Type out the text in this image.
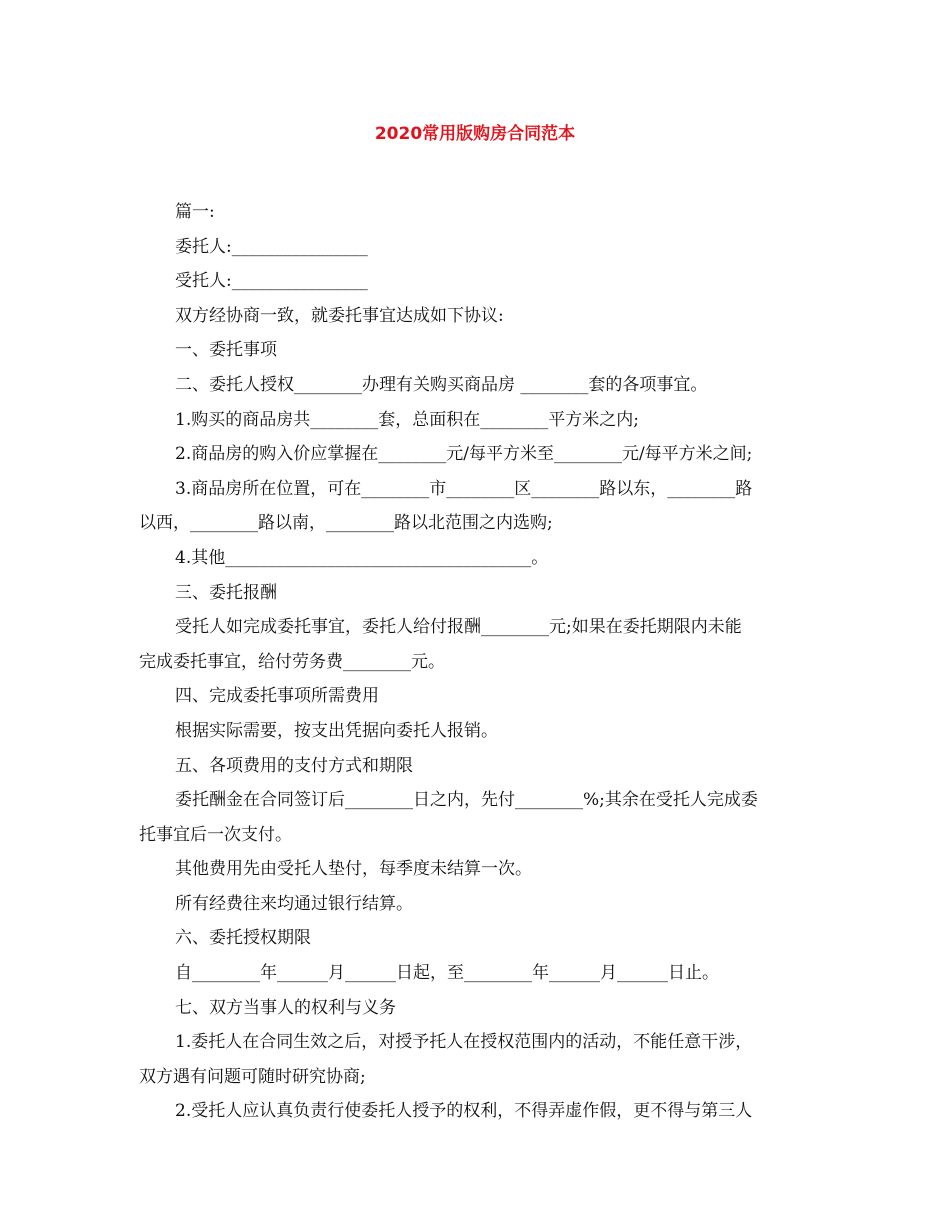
2020常用版购房合同范本
篇一:
委托人:________________
受托人:________________
双方经协商一致，就委托事宜达成如下协议:
一、委托事项
二、委托人授权________办理有关购买商品房 ________套的各项事宜。
1.购买的商品房共________套，总面积在________平方米之内;
2.商品房的购入价应掌握在________元/每平方米至________元/每平方米之间;
3.商品房所在位置，可在________市________区________路以东，________路
以西，________路以南，________路以北范围之内选购;
4.其他____________________________________。
三、委托报酬
受托人如完成委托事宜，委托人给付报酬________元;如果在委托期限内未能
完成委托事宜，给付劳务费________元。
四、完成委托事项所需费用
根据实际需要，按支出凭据向委托人报销。
五、各项费用的支付方式和期限
委托酬金在合同签订后________日之内，先付________%;其余在受托人完成委
托事宜后一次支付。
其他费用先由受托人垫付，每季度未结算一次。
所有经费往来均通过银行结算。
六、委托授权期限
自________年______月______日起，至________年______月______日止。
七、双方当事人的权利与义务
1.委托人在合同生效之后，对授予托人在授权范围内的活动，不能任意干涉，
双方遇有问题可随时研究协商;
2.受托人应认真负责行使委托人授予的权利，不得弄虚作假，更不得与第三人
